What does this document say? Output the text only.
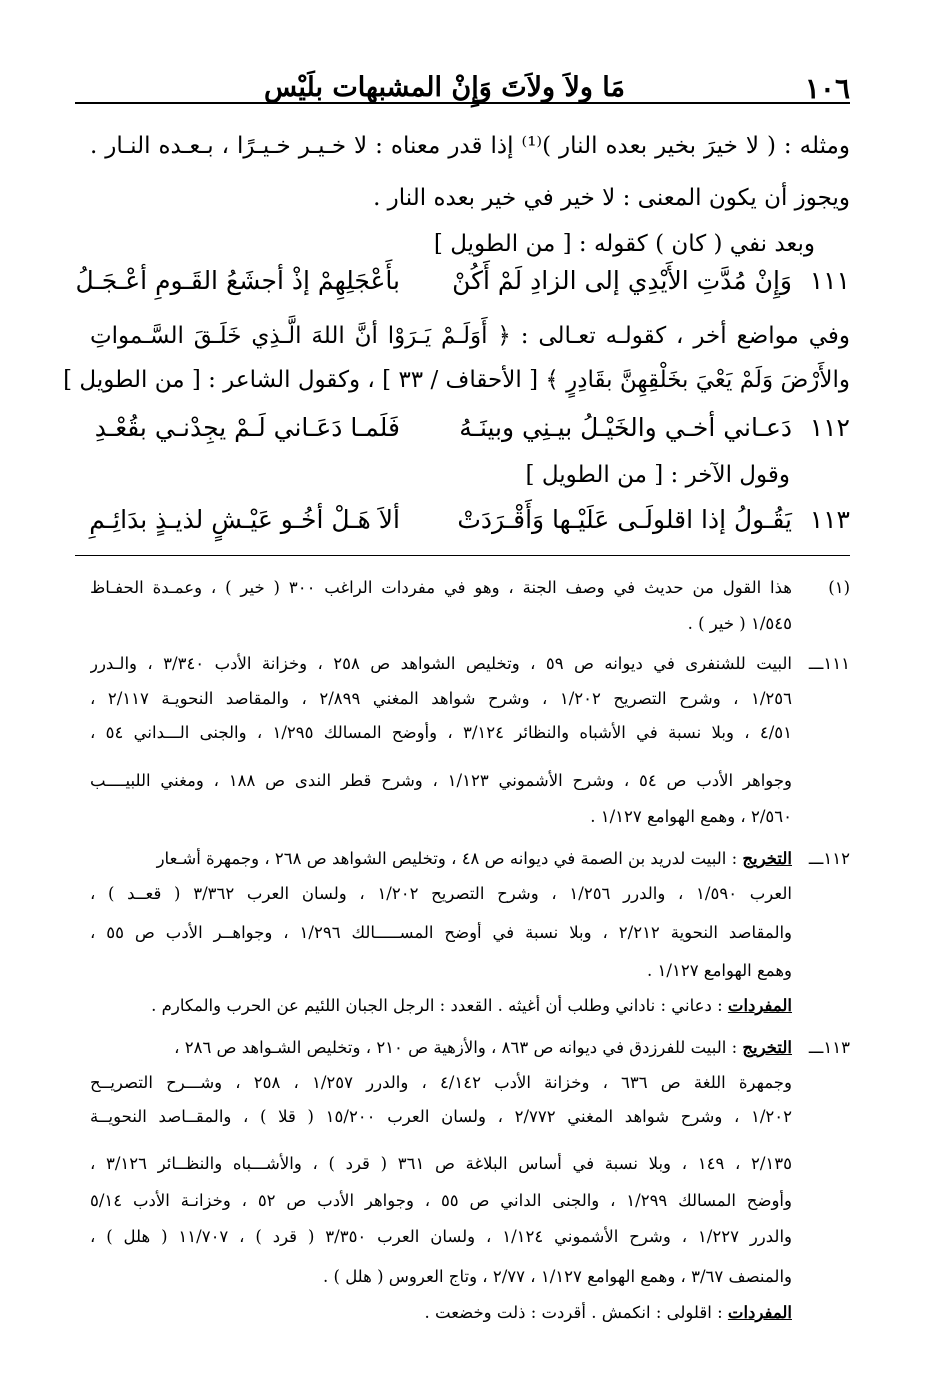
١٠٦
مَا ولاَ ولاَتَ وَإِنْ المشبهات بلَيْس
ومثله : ( لا خيرَ بخير بعده النار )⁽¹⁾ إذا قدر معناه : لا خـيـر خـيـرًا ، بـعـده النـار .
ويجوز أن يكون المعنى : لا خير في خير بعده النار .
وبعد نفي ( كان ) كقوله : [ من الطويل ]
١١١
وَإِنْ مُدَّتِ الأَيْدِي إلى الزادِ لَمْ أَكُنْ
بأَعْجَلِهِمْ إذْ أجشَعُ القَـومِ أعْـجَـلُ
وفي مواضع أخر ، كقولـه تعـالى : ﴿ أَوَلَـمْ يَـرَوْا أنَّ اللهَ الَّـذِي خَلَـقَ السَّـمواتِ
والأَرْضَ وَلَمْ يَعْيَ بخَلْقِهِنَّ بقَادِرٍ ﴾ [ الأحقاف / ٣٣ ] ، وكقول الشاعر : [ من الطويل ]
١١٢
دَعـاني أخـي والخَيْـلُ بيـنِي وبينَـهُ
فَلَمـا دَعَـاني لَـمْ يجِدْنـي بقُعْـدِ
وقول الآخر : [ من الطويل ]
١١٣
يَقُـولُ إذا اقلولَـى عَلَيْـها وَأَقْـرَدَتْ
ألاَ هَـلْ أخُـو عَيْـشٍ لذيـذٍ بدَائِـمِ
(١)
هذا القول من حديث في وصف الجنة ، وهو في مفردات الراغب ٣٠٠ ( خير ) ، وعمـدة الحفـاظ
١/٥٤٥ ( خير ) .
١١١ـــ
البيت للشنفرى في ديوانه ص ٥٩ ، وتخليص الشواهد ص ٢٥٨ ، وخزانة الأدب ٣/٣٤٠ ، والـدرر
١/٢٥٦ ، وشرح التصريح ١/٢٠٢ ، وشرح شواهد المغني ٢/٨٩٩ ، والمقاصد النحويـة ٢/١١٧ ،
٤/٥١ ، وبلا نسبة في الأشباه والنظائر ٣/١٢٤ ، وأوضح المسالك ١/٢٩٥ ، والجنى الـــداني ٥٤ ،
وجواهر الأدب ص ٥٤ ، وشرح الأشموني ١/١٢٣ ، وشرح قطر الندى ص ١٨٨ ، ومغني اللبيــــب
٢/٥٦٠ ، وهمع الهوامع ١/١٢٧ .
١١٢ـــ
التخريج : البيت لدريد بن الصمة في ديوانه ص ٤٨ ، وتخليص الشواهد ص ٢٦٨ ، وجمهرة أشـعار
العرب ١/٥٩٠ ، والدرر ١/٢٥٦ ، وشرح التصريح ١/٢٠٢ ، ولسان العرب ٣/٣٦٢ ( قعــد ) ،
والمقاصد النحوية ٢/٢١٢ ، وبلا نسبة في أوضح المســـــالك ١/٢٩٦ ، وجواهــر الأدب ص ٥٥ ،
وهمع الهوامع ١/١٢٧ .
المفردات : دعاني : ناداني وطلب أن أغيثه . القعدد : الرجل الجبان اللئيم عن الحرب والمكارم .
١١٣ـــ
التخريج : البيت للفرزدق في ديوانه ص ٨٦٣ ، والأزهية ص ٢١٠ ، وتخليص الشـواهد ص ٢٨٦ ،
وجمهرة اللغة ص ٦٣٦ ، وخزانة الأدب ٤/١٤٢ ، والدرر ١/٢٥٧ ، ٢٥٨ ، وشـــرح التصريــح
١/٢٠٢ ، وشرح شواهد المغني ٢/٧٧٢ ، ولسان العرب ١٥/٢٠٠ ( قلا ) ، والمقــاصد النحويــة
٢/١٣٥ ، ١٤٩ ، وبلا نسبة في أساس البلاغة ص ٣٦١ ( قرد ) ، والأشـــباه والنظــائر ٣/١٢٦ ،
وأوضح المسالك ١/٢٩٩ ، والجنى الداني ص ٥٥ ، وجواهر الأدب ص ٥٢ ، وخزانـة الأدب ٥/١٤
والدرر ١/٢٢٧ ، وشرح الأشموني ١/١٢٤ ، ولسان العرب ٣/٣٥٠ ( قرد ) ، ١١/٧٠٧ ( هلل ) ،
والمنصف ٣/٦٧ ، وهمع الهوامع ١/١٢٧ ، ٢/٧٧ ، وتاج العروس ( هلل ) .
المفردات : اقلولى : انكمش . أقردت : ذلت وخضعت .
